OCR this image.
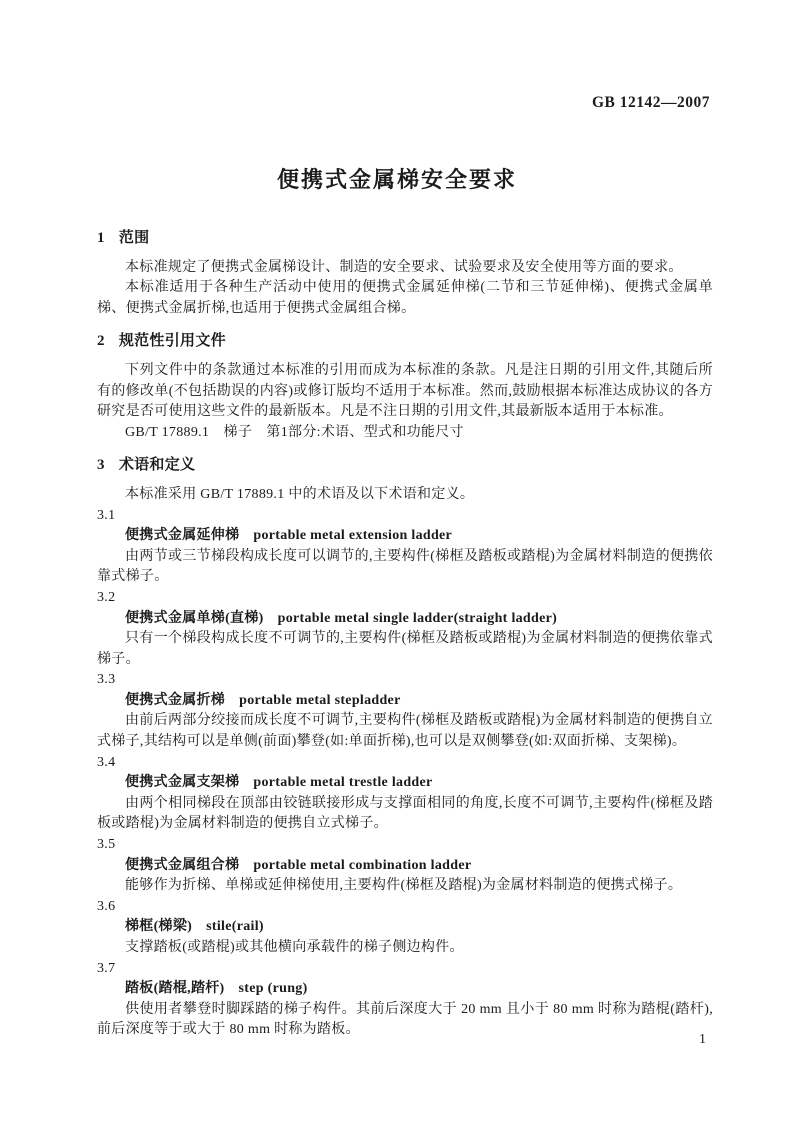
GB 12142—2007
便携式金属梯安全要求
1 范围

本标准规定了便携式金属梯设计、制造的安全要求、试验要求及安全使用等方面的要求。

本标准适用于各种生产活动中使用的便携式金属延伸梯(二节和三节延伸梯)、便携式金属单梯、便携式金属折梯,也适用于便携式金属组合梯。

2 规范性引用文件

下列文件中的条款通过本标准的引用而成为本标准的条款。凡是注日期的引用文件,其随后所有的修改单(不包括勘误的内容)或修订版均不适用于本标准。然而,鼓励根据本标准达成协议的各方研究是否可使用这些文件的最新版本。凡是不注日期的引用文件,其最新版本适用于本标准。

GB/T 17889.1　梯子　第1部分:术语、型式和功能尺寸

3 术语和定义

本标准采用 GB/T 17889.1 中的术语及以下术语和定义。

3.1
便携式金属延伸梯 portable metal extension ladder

由两节或三节梯段构成长度可以调节的,主要构件(梯框及踏板或踏棍)为金属材料制造的便携依靠式梯子。

3.2
便携式金属单梯(直梯) portable metal single ladder(straight ladder)

只有一个梯段构成长度不可调节的,主要构件(梯框及踏板或踏棍)为金属材料制造的便携依靠式梯子。

3.3
便携式金属折梯 portable metal stepladder

由前后两部分绞接而成长度不可调节,主要构件(梯框及踏板或踏棍)为金属材料制造的便携自立式梯子,其结构可以是单侧(前面)攀登(如:单面折梯),也可以是双侧攀登(如:双面折梯、支架梯)。

3.4
便携式金属支架梯 portable metal trestle ladder

由两个相同梯段在顶部由铰链联接形成与支撑面相同的角度,长度不可调节,主要构件(梯框及踏板或踏棍)为金属材料制造的便携自立式梯子。

3.5
便携式金属组合梯 portable metal combination ladder

能够作为折梯、单梯或延伸梯使用,主要构件(梯框及踏棍)为金属材料制造的便携式梯子。

3.6
梯框(梯梁) stile(rail)

支撑踏板(或踏棍)或其他横向承载件的梯子侧边构件。

3.7
踏板(踏棍,踏杆) step (rung)

供使用者攀登时脚踩踏的梯子构件。其前后深度大于 20 mm 且小于 80 mm 时称为踏棍(踏杆),前后深度等于或大于 80 mm 时称为踏板。

1
